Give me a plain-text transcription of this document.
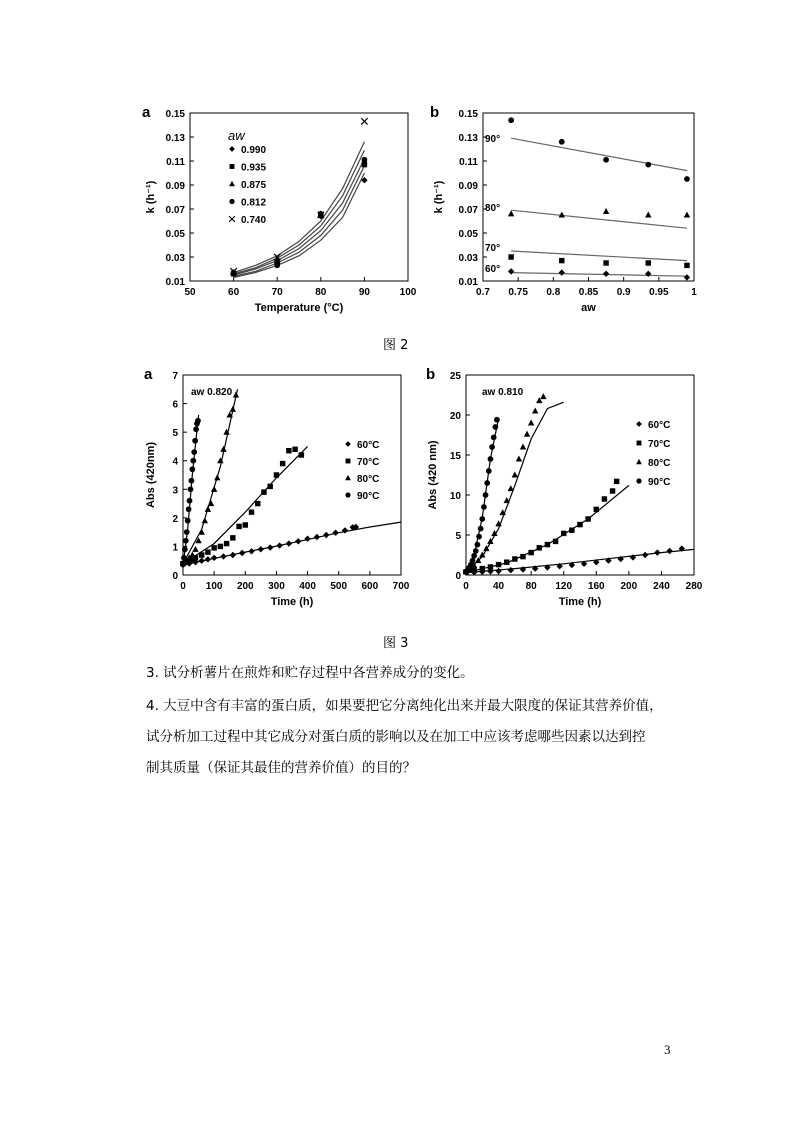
a
0.01
0.03
0.05
0.07
0.09
0.11
0.13
0.15
50	60	70	80	90	100
Temperature (°C)
k (h⁻¹)
aw
0.990
0.935
0.875
0.812
0.740
b
0.01
0.03
0.05
0.07
0.09
0.11
0.13
0.15
0.7 0.75 0.8 0.85 0.9 0.95 1
aw
k (h⁻¹)
90°
80°
70°
60°
图 2
a
0
1
2
3
4
5
6
7
0 100 200 300 400 500 600 700
Time (h)
Abs (420nm)	60°C
70°C
80°C
90°C
aw 0.820
b
0
5
10
15
20
25
0 40 80 120 160 200 240 280
Time (h)
Abs (420 nm)
60°C
70°C
80°C
90°C
aw 0.810
图 3
3. 试分析薯片在煎炸和贮存过程中各营养成分的变化。
4. 大豆中含有丰富的蛋白质，如果要把它分离纯化出来并最大限度的保证其营养价值，
试分析加工过程中其它成分对蛋白质的影响以及在加工中应该考虑哪些因素以达到控
制其质量（保证其最佳的营养价值）的目的？
3
